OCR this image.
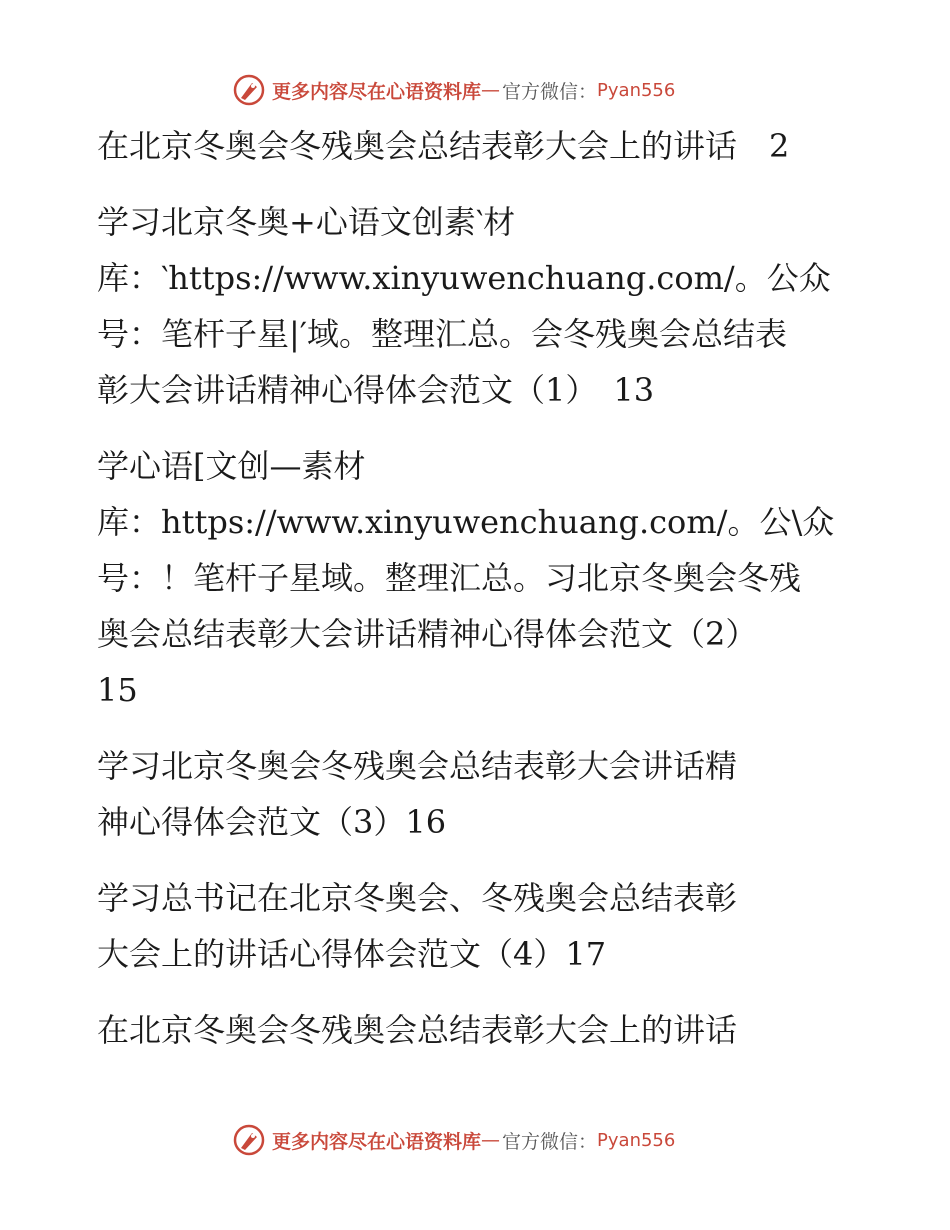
更多内容尽在心语资料库 — 官方微信： Pyan556

在北京冬奥会冬残奥会总结表彰大会上的讲话　2

学习北京冬奥+心语文创素‵材

库：‵https://www.xinyuwenchuang.com/。公众

号：笔杆子星|′域。整理汇总。会冬残奥会总结表

彰大会讲话精神心得体会范文（1）　13

学心语[文创—素材

库：https://www.xinyuwenchuang.com/。公\众

号：！笔杆子星域。整理汇总。习北京冬奥会冬残

奥会总结表彰大会讲话精神心得体会范文（2）

15

学习北京冬奥会冬残奥会总结表彰大会讲话精

神心得体会范文（3）16

学习总书记在北京冬奥会、冬残奥会总结表彰

大会上的讲话心得体会范文（4）17

在北京冬奥会冬残奥会总结表彰大会上的讲话

更多内容尽在心语资料库 — 官方微信： Pyan556
